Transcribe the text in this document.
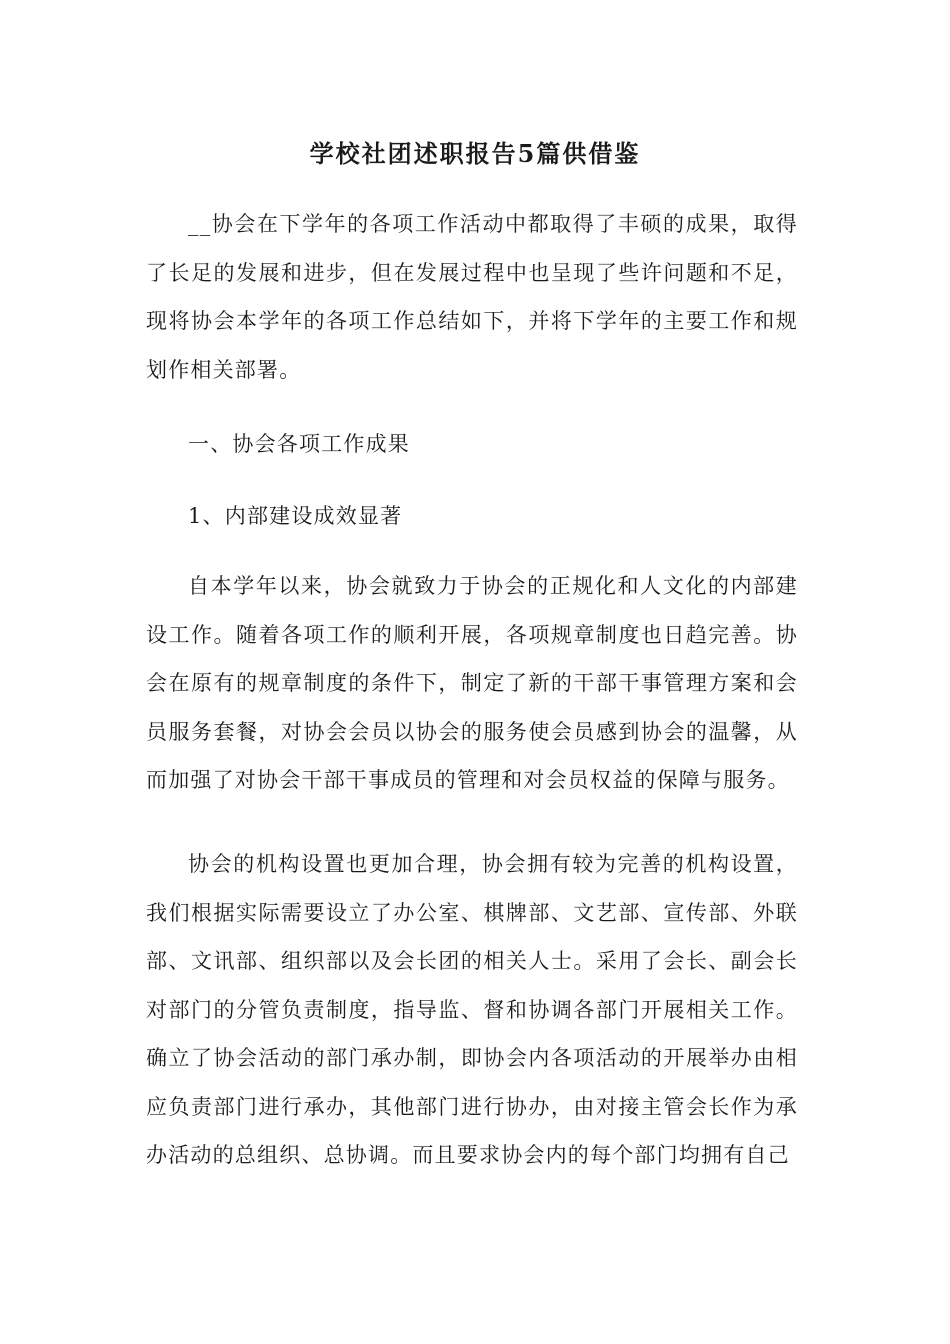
学校社团述职报告5篇供借鉴

__协会在下学年的各项工作活动中都取得了丰硕的成果，取得了长足的发展和进步，但在发展过程中也呈现了些许问题和不足，现将协会本学年的各项工作总结如下，并将下学年的主要工作和规划作相关部署。

一、协会各项工作成果

1、内部建设成效显著

自本学年以来，协会就致力于协会的正规化和人文化的内部建设工作。随着各项工作的顺利开展，各项规章制度也日趋完善。协会在原有的规章制度的条件下，制定了新的干部干事管理方案和会员服务套餐，对协会会员以协会的服务使会员感到协会的温馨，从而加强了对协会干部干事成员的管理和对会员权益的保障与服务。

协会的机构设置也更加合理，协会拥有较为完善的机构设置，我们根据实际需要设立了办公室、棋牌部、文艺部、宣传部、外联部、文讯部、组织部以及会长团的相关人士。采用了会长、副会长对部门的分管负责制度，指导监、督和协调各部门开展相关工作。确立了协会活动的部门承办制，即协会内各项活动的开展举办由相应负责部门进行承办，其他部门进行协办，由对接主管会长作为承办活动的总组织、总协调。而且要求协会内的每个部门均拥有自己
